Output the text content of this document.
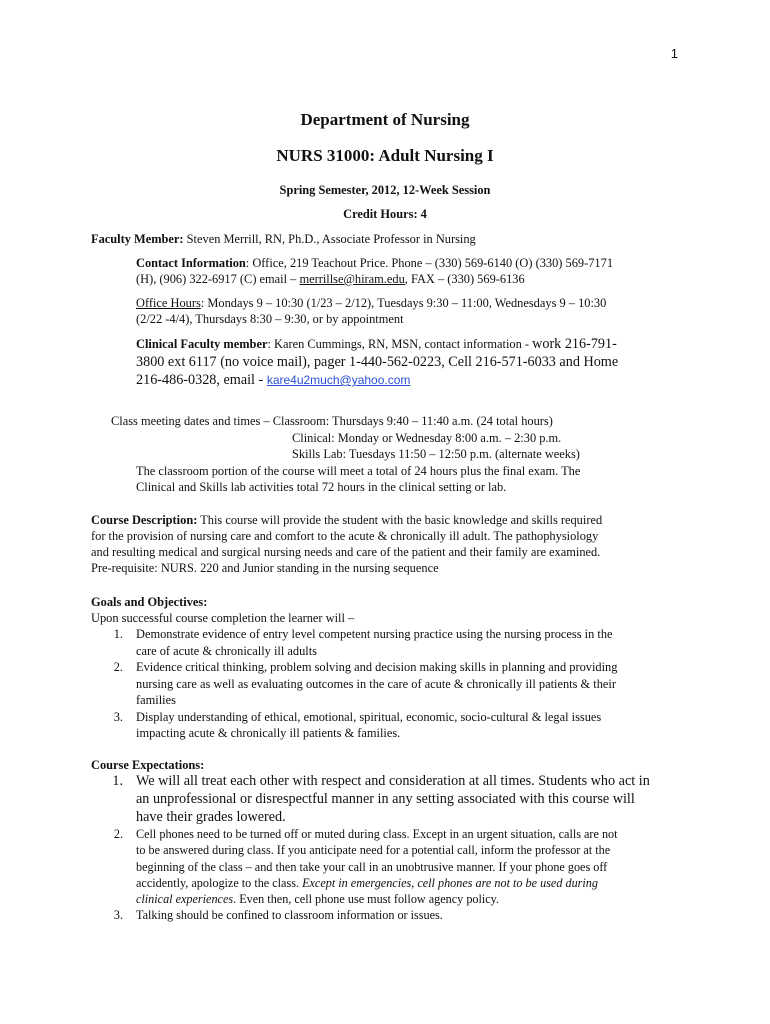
1
Department of Nursing
NURS 31000: Adult Nursing I
Spring Semester, 2012, 12-Week Session
Credit Hours: 4
Faculty Member: Steven Merrill, RN, Ph.D., Associate Professor in Nursing
Contact Information: Office, 219 Teachout Price. Phone – (330) 569-6140 (O) (330) 569-7171
(H), (906) 322-6917 (C) email – merrillse@hiram.edu, FAX – (330) 569-6136
Office Hours: Mondays 9 – 10:30 (1/23 – 2/12), Tuesdays 9:30 – 11:00, Wednesdays 9 – 10:30
(2/22 -4/4), Thursdays 8:30 – 9:30, or by appointment
Clinical Faculty member: Karen Cummings, RN, MSN, contact information - work 216-791-
3800 ext 6117 (no voice mail), pager 1-440-562-0223, Cell 216-571-6033 and Home
216-486-0328, email - kare4u2much@yahoo.com
Class meeting dates and times – Classroom: Thursdays 9:40 – 11:40 a.m. (24 total hours)
Clinical: Monday or Wednesday 8:00 a.m. – 2:30 p.m.
Skills Lab: Tuesdays 11:50 – 12:50 p.m. (alternate weeks)
The classroom portion of the course will meet a total of 24 hours plus the final exam. The
Clinical and Skills lab activities total 72 hours in the clinical setting or lab.
Course Description: This course will provide the student with the basic knowledge and skills required
for the provision of nursing care and comfort to the acute & chronically ill adult. The pathophysiology
and resulting medical and surgical nursing needs and care of the patient and their family are examined.
Pre-requisite: NURS. 220 and Junior standing in the nursing sequence
Goals and Objectives:
Upon successful course completion the learner will –
1. Demonstrate evidence of entry level competent nursing practice using the nursing process in the
care of acute & chronically ill adults
2. Evidence critical thinking, problem solving and decision making skills in planning and providing
nursing care as well as evaluating outcomes in the care of acute & chronically ill patients & their
families
3. Display understanding of ethical, emotional, spiritual, economic, socio-cultural & legal issues
impacting acute & chronically ill patients & families.
Course Expectations:
1. We will all treat each other with respect and consideration at all times. Students who act in
an unprofessional or disrespectful manner in any setting associated with this course will
have their grades lowered.
2. Cell phones need to be turned off or muted during class. Except in an urgent situation, calls are not
to be answered during class. If you anticipate need for a potential call, inform the professor at the
beginning of the class – and then take your call in an unobtrusive manner. If your phone goes off
accidently, apologize to the class. Except in emergencies, cell phones are not to be used during
clinical experiences. Even then, cell phone use must follow agency policy.
3. Talking should be confined to classroom information or issues.
